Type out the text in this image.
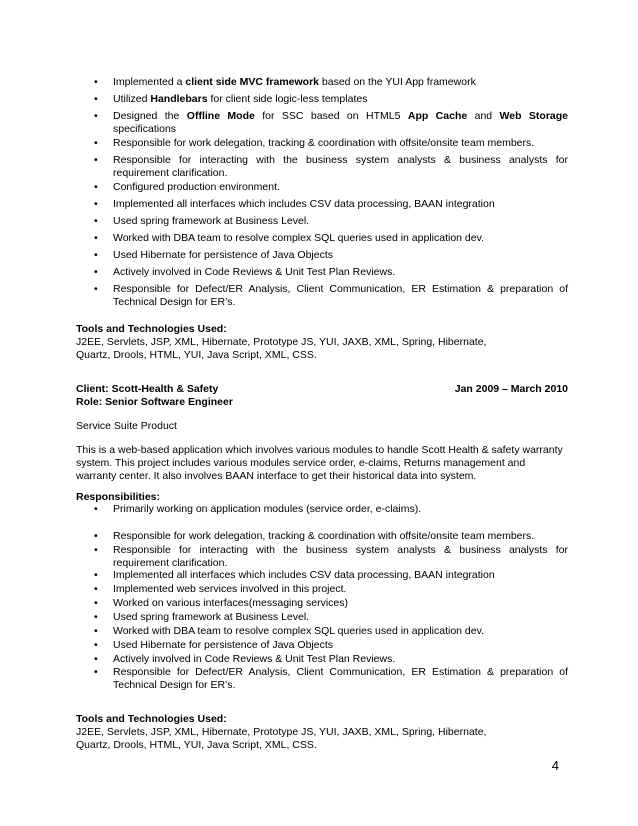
•	Implemented a client side MVC framework based on the YUI App framework
•	Utilized Handlebars for client side logic-less templates
•	Designed the Offline Mode for SSC based on HTML5 App Cache and Web Storage specifications
•	Responsible for work delegation, tracking & coordination with offsite/onsite team members.
•	Responsible for interacting with the business system analysts & business analysts for requirement clarification.
•	Configured production environment.
•	Implemented all interfaces which includes CSV data processing, BAAN integration
•	Used spring framework at Business Level.
•	Worked with DBA team to resolve complex SQL queries used in application dev.
•	Used Hibernate for persistence of Java Objects
•	Actively involved in Code Reviews & Unit Test Plan Reviews.
•	Responsible for Defect/ER Analysis, Client Communication, ER Estimation & preparation of Technical Design for ER’s.
Tools and Technologies Used:
J2EE, Servlets, JSP, XML, Hibernate, Prototype JS, YUI, JAXB, XML, Spring, Hibernate,
Quartz, Drools, HTML, YUI, Java Script, XML, CSS.
Client: Scott-Health & Safety	Jan 2009 – March 2010
Role: Senior Software Engineer
Service Suite Product
This is a web-based application which involves various modules to handle Scott Health & safety warranty
system. This project includes various modules service order, e-claims, Returns management and
warranty center. It also involves BAAN interface to get their historical data into system.
Responsibilities:
•	Primarily working on application modules (service order, e-claims).
•	Responsible for work delegation, tracking & coordination with offsite/onsite team members.
•	Responsible for interacting with the business system analysts & business analysts for requirement clarification.
•	Implemented all interfaces which includes CSV data processing, BAAN integration
•	Implemented web services involved in this project.
•	Worked on various interfaces(messaging services)
•	Used spring framework at Business Level.
•	Worked with DBA team to resolve complex SQL queries used in application dev.
•	Used Hibernate for persistence of Java Objects
•	Actively involved in Code Reviews & Unit Test Plan Reviews.
•	Responsible for Defect/ER Analysis, Client Communication, ER Estimation & preparation of Technical Design for ER’s.
Tools and Technologies Used:
J2EE, Servlets, JSP, XML, Hibernate, Prototype JS, YUI, JAXB, XML, Spring, Hibernate,
Quartz, Drools, HTML, YUI, Java Script, XML, CSS.
4
